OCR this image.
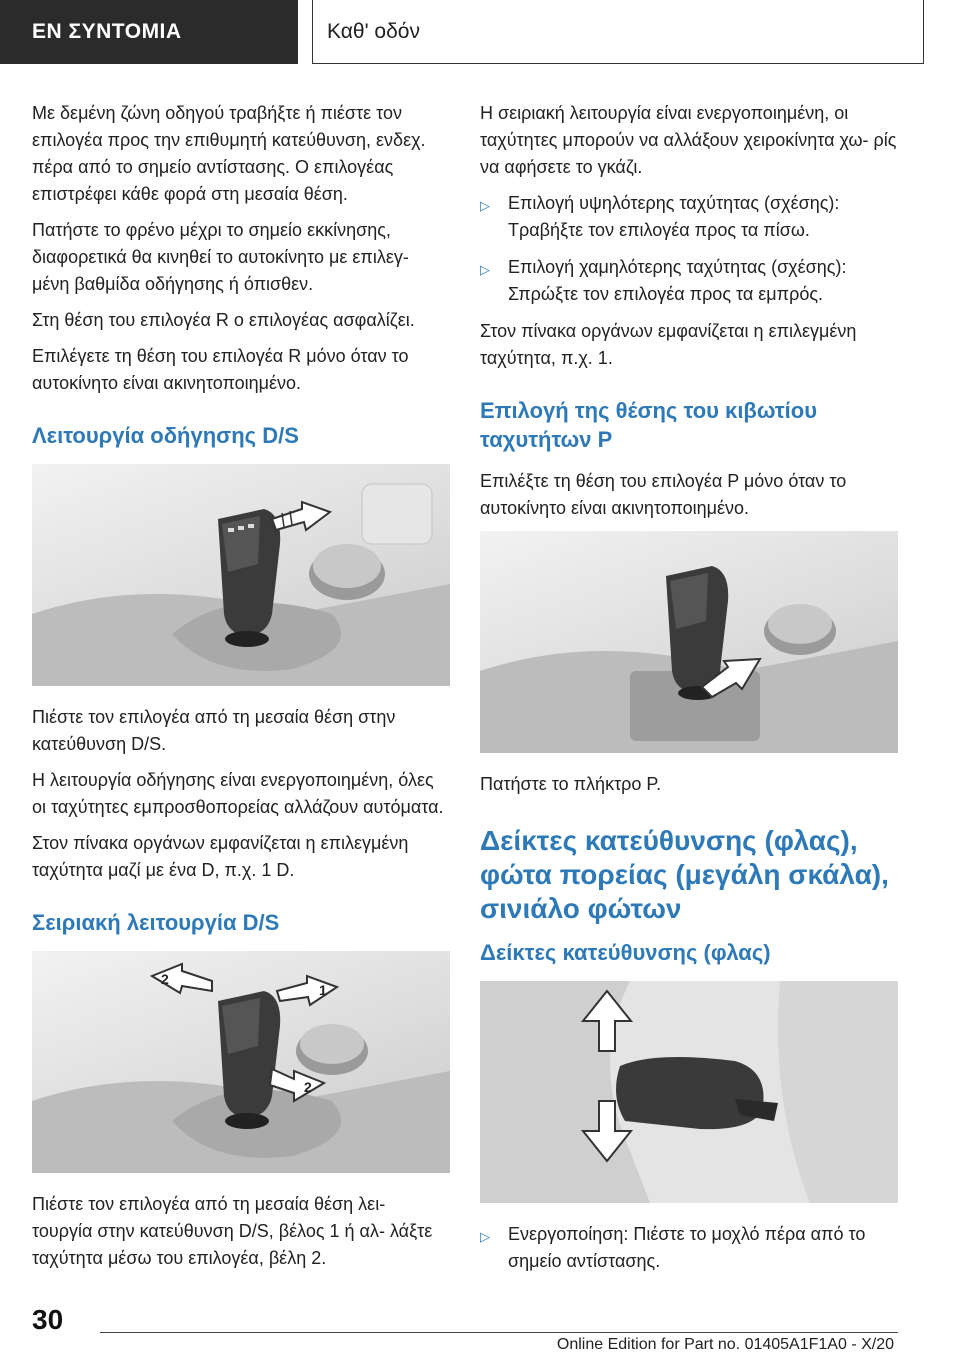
ΕΝ ΣΥΝΤΟΜΙΑ	Καθ' οδόν

Με δεμένη ζώνη οδηγού τραβήξτε ή πιέστε τον επιλογέα προς την επιθυμητή κατεύθυνση, ενδεχ. πέρα από το σημείο αντίστασης. Ο επιλογέας επιστρέφει κάθε φορά στη μεσαία θέση.

Πατήστε το φρένο μέχρι το σημείο εκκίνησης, διαφορετικά θα κινηθεί το αυτοκίνητο με επιλεγ- μένη βαθμίδα οδήγησης ή όπισθεν.

Στη θέση του επιλογέα R ο επιλογέας ασφαλίζει.

Επιλέγετε τη θέση του επιλογέα R μόνο όταν το αυτοκίνητο είναι ακινητοποιημένο.

Λειτουργία οδήγησης D/S

Πιέστε τον επιλογέα από τη μεσαία θέση στην κατεύθυνση D/S.

Η λειτουργία οδήγησης είναι ενεργοποιημένη, όλες οι ταχύτητες εμπροσθοπορείας αλλάζουν αυτόματα.

Στον πίνακα οργάνων εμφανίζεται η επιλεγμένη ταχύτητα μαζί με ένα D, π.χ. 1 D.

Σειριακή λειτουργία D/S
2
1
2

Πιέστε τον επιλογέα από τη μεσαία θέση λει- τουργία στην κατεύθυνση D/S, βέλος 1 ή αλ- λάξτε ταχύτητα μέσω του επιλογέα, βέλη 2.

Η σειριακή λειτουργία είναι ενεργοποιημένη, οι ταχύτητες μπορούν να αλλάξουν χειροκίνητα χω- ρίς να αφήσετε το γκάζι.

▷	Επιλογή υψηλότερης ταχύτητας (σχέσης): Τραβήξτε τον επιλογέα προς τα πίσω.
▷	Επιλογή χαμηλότερης ταχύτητας (σχέσης): Σπρώξτε τον επιλογέα προς τα εμπρός.

Στον πίνακα οργάνων εμφανίζεται η επιλεγμένη ταχύτητα, π.χ. 1.

Επιλογή της θέσης του κιβωτίου ταχυτήτων P

Επιλέξτε τη θέση του επιλογέα P μόνο όταν το αυτοκίνητο είναι ακινητοποιημένο.

Πατήστε το πλήκτρο P.

Δείκτες κατεύθυνσης (φλας), φώτα πορείας (μεγάλη σκάλα), σινιάλο φώτων
Δείκτες κατεύθυνσης (φλας)
▷	Ενεργοποίηση: Πιέστε το μοχλό πέρα από το σημείο αντίστασης.
30
Online Edition for Part no. 01405A1F1A0 - X/20
